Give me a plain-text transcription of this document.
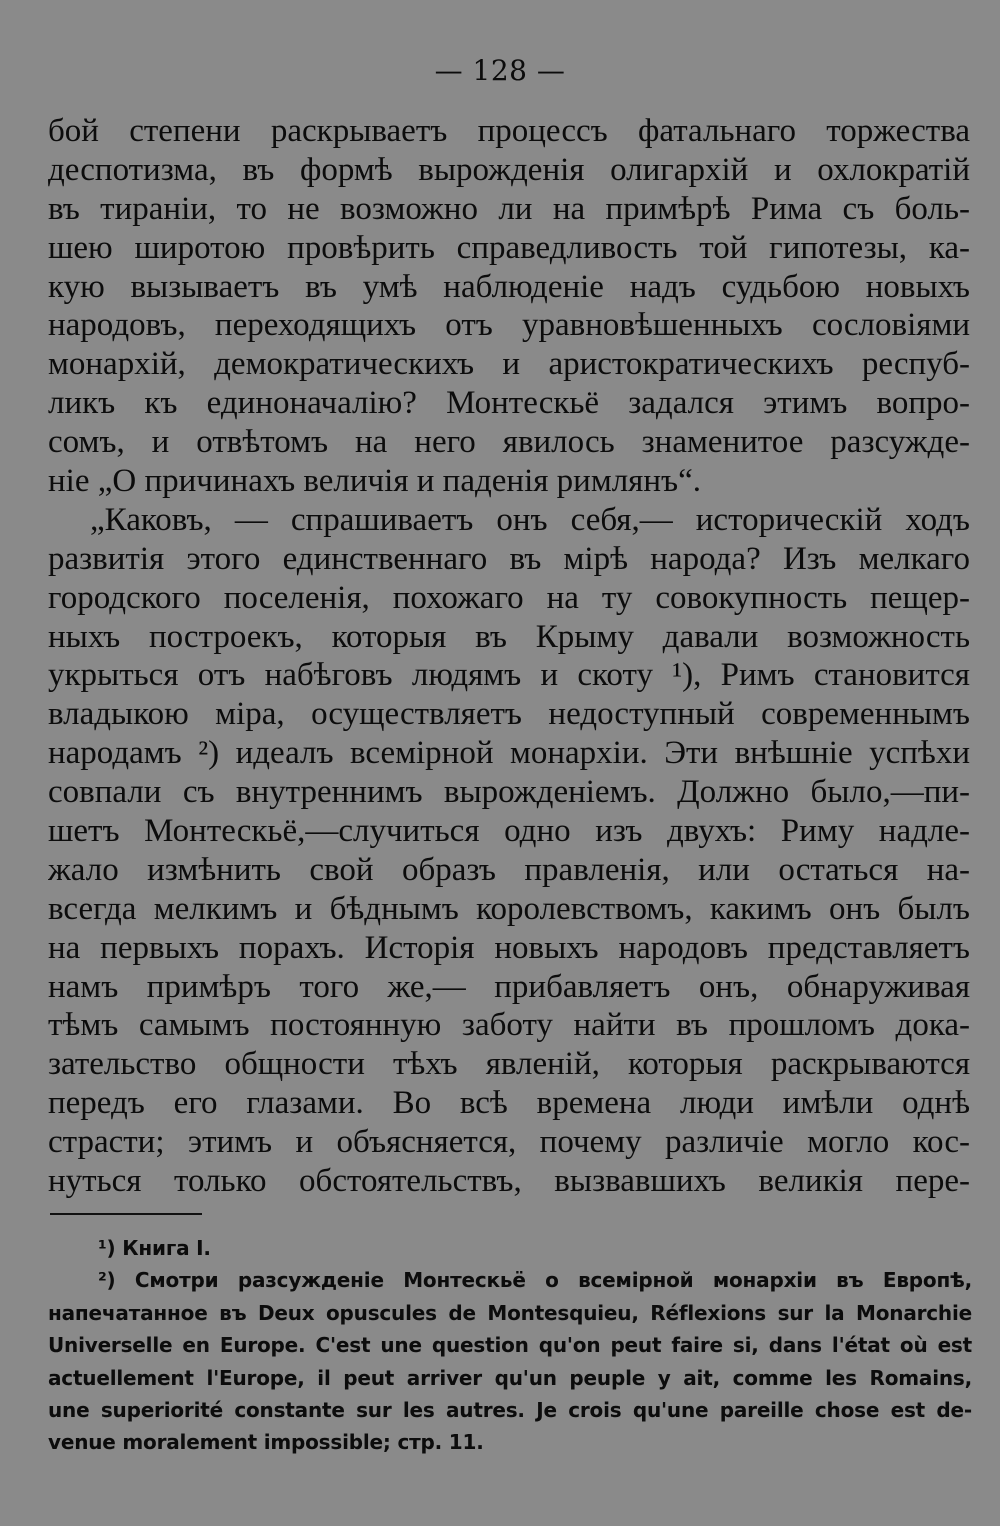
— 128 —
бой степени раскрываетъ процессъ фатальнаго торжества
деспотизма, въ формѣ вырожденія олигархій и охлократій
въ тираніи, то не возможно ли на примѣрѣ Рима съ боль-
шею широтою провѣрить справедливость той гипотезы, ка-
кую вызываетъ въ умѣ наблюденіе надъ судьбою новыхъ
народовъ, переходящихъ отъ уравновѣшенныхъ сословіями
монархій, демократическихъ и аристократическихъ респуб-
ликъ къ единоначалію? Монтескьё задался этимъ вопро-
сомъ, и отвѣтомъ на него явилось знаменитое разсужде-
ніе „О причинахъ величія и паденія римлянъ“.
„Каковъ, — спрашиваетъ онъ себя,— историческій ходъ
развитія этого единственнаго въ мірѣ народа? Изъ мелкаго
городского поселенія, похожаго на ту совокупность пещер-
ныхъ построекъ, которыя въ Крыму давали возможность
укрыться отъ набѣговъ людямъ и скоту ¹), Римъ становится
владыкою міра, осуществляетъ недоступный современнымъ
народамъ ²) идеалъ всемірной монархіи. Эти внѣшніе успѣхи
совпали съ внутреннимъ вырожденіемъ. Должно было,—пи-
шетъ Монтескьё,—случиться одно изъ двухъ: Риму надле-
жало измѣнить свой образъ правленія, или остаться на-
всегда мелкимъ и бѣднымъ королевствомъ, какимъ онъ былъ
на первыхъ порахъ. Исторія новыхъ народовъ представляетъ
намъ примѣръ того же,— прибавляетъ онъ, обнаруживая
тѣмъ самымъ постоянную заботу найти въ прошломъ дока-
зательство общности тѣхъ явленій, которыя раскрываются
передъ его глазами. Во всѣ времена люди имѣли однѣ
страсти; этимъ и объясняется, почему различіе могло кос-
нуться только обстоятельствъ, вызвавшихъ великія пере-
¹) Книга I.
²) Смотри разсужденіе Монтескьё о всемірной монархіи въ Европѣ,
напечатанное въ Deux opuscules de Montesquieu, Réflexions sur la Monarchie
Universelle en Europe. C'est une question qu'on peut faire si, dans l'état où est
actuellement l'Europe, il peut arriver qu'un peuple y ait, comme les Romains,
une superiorité constante sur les autres. Je crois qu'une pareille chose est de-
venue moralement impossible; стр. 11.
